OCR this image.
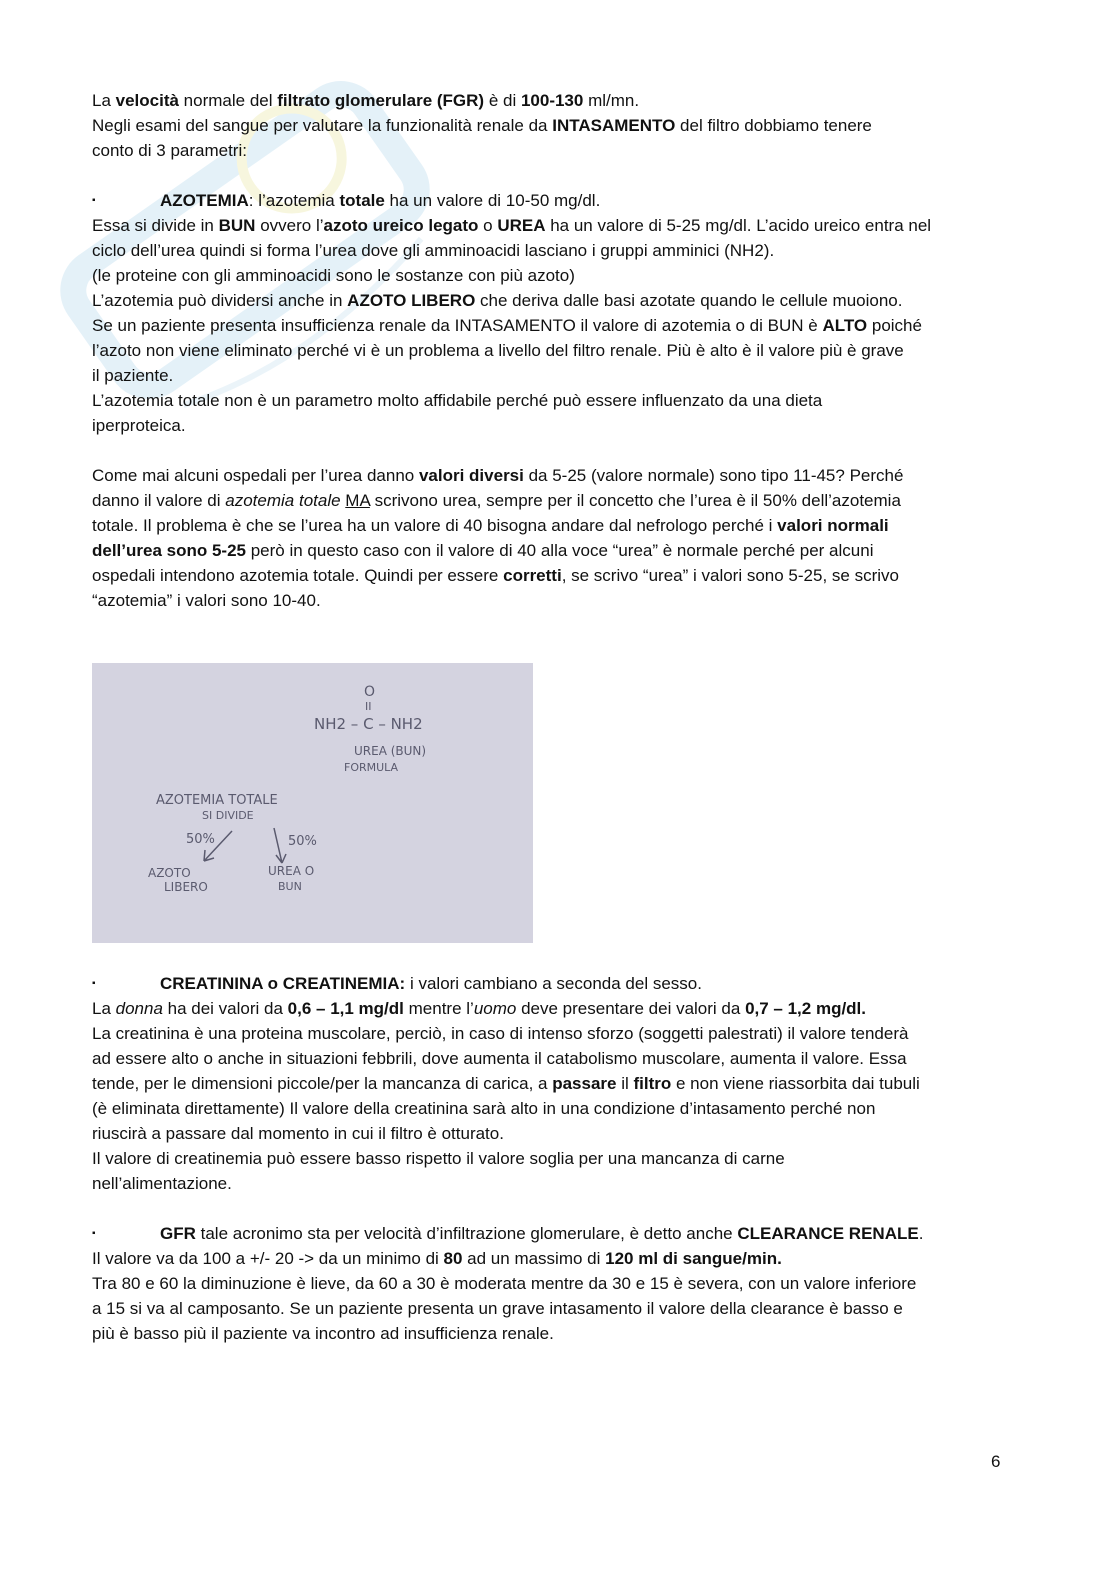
La velocità normale del filtrato glomerulare (FGR) è di 100-130 ml/mn.

Negli esami del sangue per valutare la funzionalità renale da INTASAMENTO del filtro dobbiamo tenere

conto di 3 parametri:

▪	AZOTEMIA: l’azotemia totale ha un valore di 10-50 mg/dl.

Essa si divide in BUN ovvero l’azoto ureico legato o UREA ha un valore di 5-25 mg/dl. L’acido ureico entra nel

ciclo dell’urea quindi si forma l’urea dove gli amminoacidi lasciano i gruppi amminici (NH2).

(le proteine con gli amminoacidi sono le sostanze con più azoto)

L’azotemia può dividersi anche in AZOTO LIBERO che deriva dalle basi azotate quando le cellule muoiono.

Se un paziente presenta insufficienza renale da INTASAMENTO il valore di azotemia o di BUN è ALTO poiché

l’azoto non viene eliminato perché vi è un problema a livello del filtro renale. Più è alto è il valore più è grave

il paziente.

L’azotemia totale non è un parametro molto affidabile perché può essere influenzato da una dieta

iperproteica.

Come mai alcuni ospedali per l’urea danno valori diversi da 5-25 (valore normale) sono tipo 11-45? Perché

danno il valore di azotemia totale MA scrivono urea, sempre per il concetto che l’urea è il 50% dell’azotemia

totale. Il problema è che se l’urea ha un valore di 40 bisogna andare dal nefrologo perché i valori normali

dell’urea sono 5-25 però in questo caso con il valore di 40 alla voce “urea” è normale perché per alcuni

ospedali intendono azotemia totale. Quindi per essere corretti, se scrivo “urea” i valori sono 5-25, se scrivo

“azotemia” i valori sono 10-40.

O
II
NH2 – C – NH2
UREA (BUN)
FORMULA
AZOTEMIA TOTALE
SI DIVIDE
50%	50%
AZOTO
LIBERO
UREA O
BUN

▪	CREATININA o CREATINEMIA: i valori cambiano a seconda del sesso.

La donna ha dei valori da 0,6 – 1,1 mg/dl mentre l’uomo deve presentare dei valori da 0,7 – 1,2 mg/dl.

La creatinina è una proteina muscolare, perciò, in caso di intenso sforzo (soggetti palestrati) il valore tenderà

ad essere alto o anche in situazioni febbrili, dove aumenta il catabolismo muscolare, aumenta il valore. Essa

tende, per le dimensioni piccole/per la mancanza di carica, a passare il filtro e non viene riassorbita dai tubuli

(è eliminata direttamente) Il valore della creatinina sarà alto in una condizione d’intasamento perché non

riuscirà a passare dal momento in cui il filtro è otturato.

Il valore di creatinemia può essere basso rispetto il valore soglia per una mancanza di carne

nell’alimentazione.

▪	GFR tale acronimo sta per velocità d’infiltrazione glomerulare, è detto anche CLEARANCE RENALE.

Il valore va da 100 a +/- 20 -> da un minimo di 80 ad un massimo di 120 ml di sangue/min.

Tra 80 e 60 la diminuzione è lieve, da 60 a 30 è moderata mentre da 30 e 15 è severa, con un valore inferiore

a 15 si va al camposanto. Se un paziente presenta un grave intasamento il valore della clearance è basso e

più è basso più il paziente va incontro ad insufficienza renale.

6
